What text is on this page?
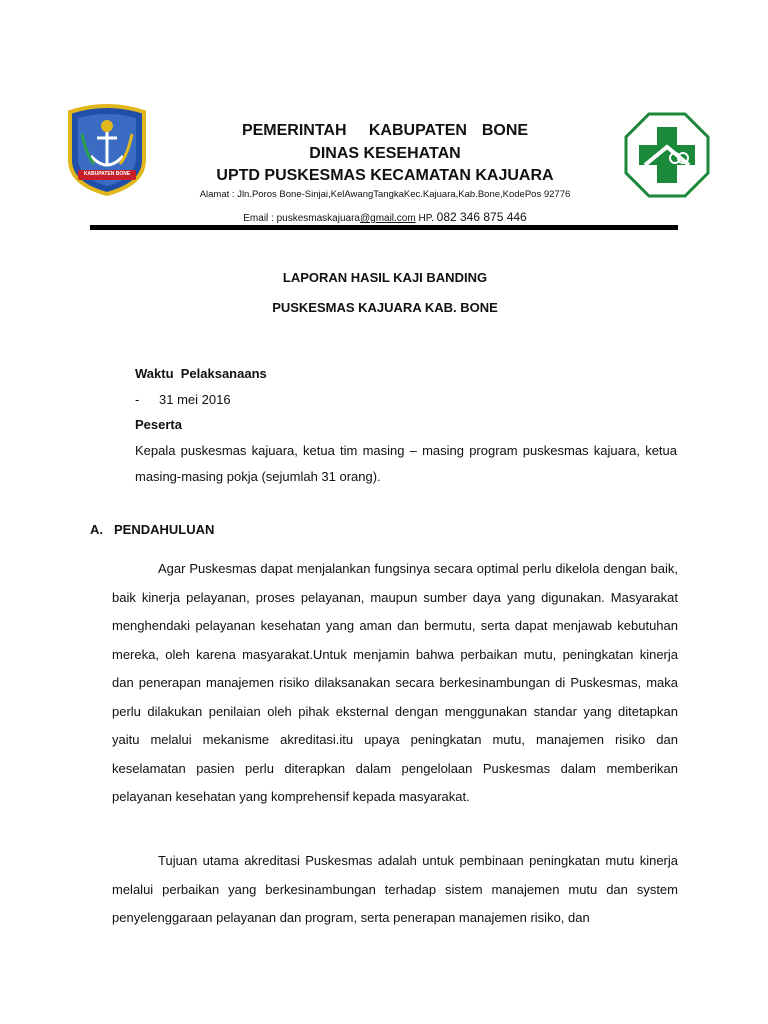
KABUPATEN BONE
PEMERINTAH   KABUPATEN  BONE
DINAS KESEHATAN
UPTD PUSKESMAS KECAMATAN KAJUARA
Alamat : Jln.Poros Bone-Sinjai,KelAwangTangkaKec.Kajuara,Kab.Bone,KodePos 92776
Email : puskesmaskajuara@gmail.com HP. 082 346 875 446
LAPORAN HASIL KAJI BANDING
PUSKESMAS KAJUARA KAB. BONE
Waktu  Pelaksanaans
- 31 mei 2016
Peserta
Kepala puskesmas kajuara, ketua tim masing – masing program puskesmas kajuara, ketua masing-masing pokja (sejumlah 31 orang).
A. PENDAHULUAN
Agar Puskesmas dapat menjalankan fungsinya secara optimal perlu dikelola dengan baik, baik kinerja pelayanan, proses pelayanan, maupun sumber daya yang digunakan. Masyarakat menghendaki pelayanan kesehatan yang aman dan bermutu, serta dapat menjawab kebutuhan mereka, oleh karena masyarakat.Untuk menjamin bahwa perbaikan mutu, peningkatan kinerja dan penerapan manajemen risiko dilaksanakan secara berkesinambungan di Puskesmas, maka perlu dilakukan penilaian oleh pihak eksternal dengan menggunakan standar yang ditetapkan yaitu melalui mekanisme akreditasi.itu upaya peningkatan mutu, manajemen risiko dan keselamatan pasien perlu diterapkan dalam pengelolaan Puskesmas dalam memberikan pelayanan kesehatan yang komprehensif kepada masyarakat.
Tujuan utama akreditasi Puskesmas adalah untuk pembinaan peningkatan mutu kinerja melalui perbaikan yang berkesinambungan terhadap sistem manajemen mutu dan system penyelenggaraan pelayanan dan program, serta penerapan manajemen risiko, dan
